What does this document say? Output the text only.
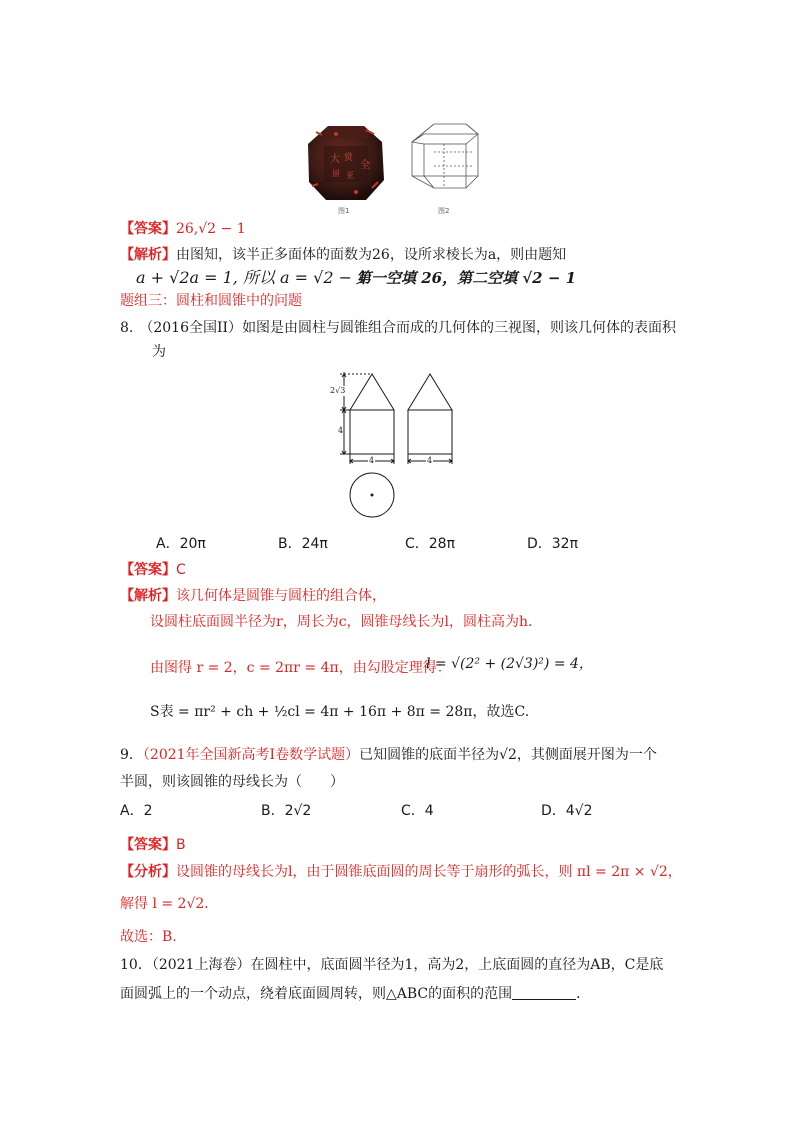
大 赏
全
留 亚
图1	图2
【答案】26,√2 − 1
【解析】由图知，该半正多面体的面数为26，设所求棱长为a，则由题知
a + √2a = 1, 所以 a = √2 − 1
第一空填 26，第二空填 √2 − 1
题组三：圆柱和圆锥中的问题
8. （2016全国II）如图是由圆柱与圆锥组合而成的几何体的三视图，则该几何体的表面积
为
2√3
4
4	4
A．20π	B．24π	C．28π	D．32π
【答案】C
【解析】该几何体是圆锥与圆柱的组合体，
设圆柱底面圆半径为r，周长为c，圆锥母线长为l，圆柱高为h．
由图得 r = 2，c = 2πr = 4π，由勾股定理得：
l = √(2² + (2√3)²) = 4，
S表 = πr² + ch + ½cl = 4π + 16π + 8π = 28π，故选C.
9．（2021年全国新高考Ⅰ卷数学试题）已知圆锥的底面半径为√2，其侧面展开图为一个
半圆，则该圆锥的母线长为（　　）
A．2	B．2√2	C．4	D．4√2
【答案】B
【分析】设圆锥的母线长为l，由于圆锥底面圆的周长等于扇形的弧长，则 πl = 2π × √2，
解得 l = 2√2．
故选：B.
10．（2021上海卷）在圆柱中，底面圆半径为1，高为2，上底面圆的直径为AB，C是底
面圆弧上的一个动点，绕着底面圆周转，则△ABC的面积的范围	．
